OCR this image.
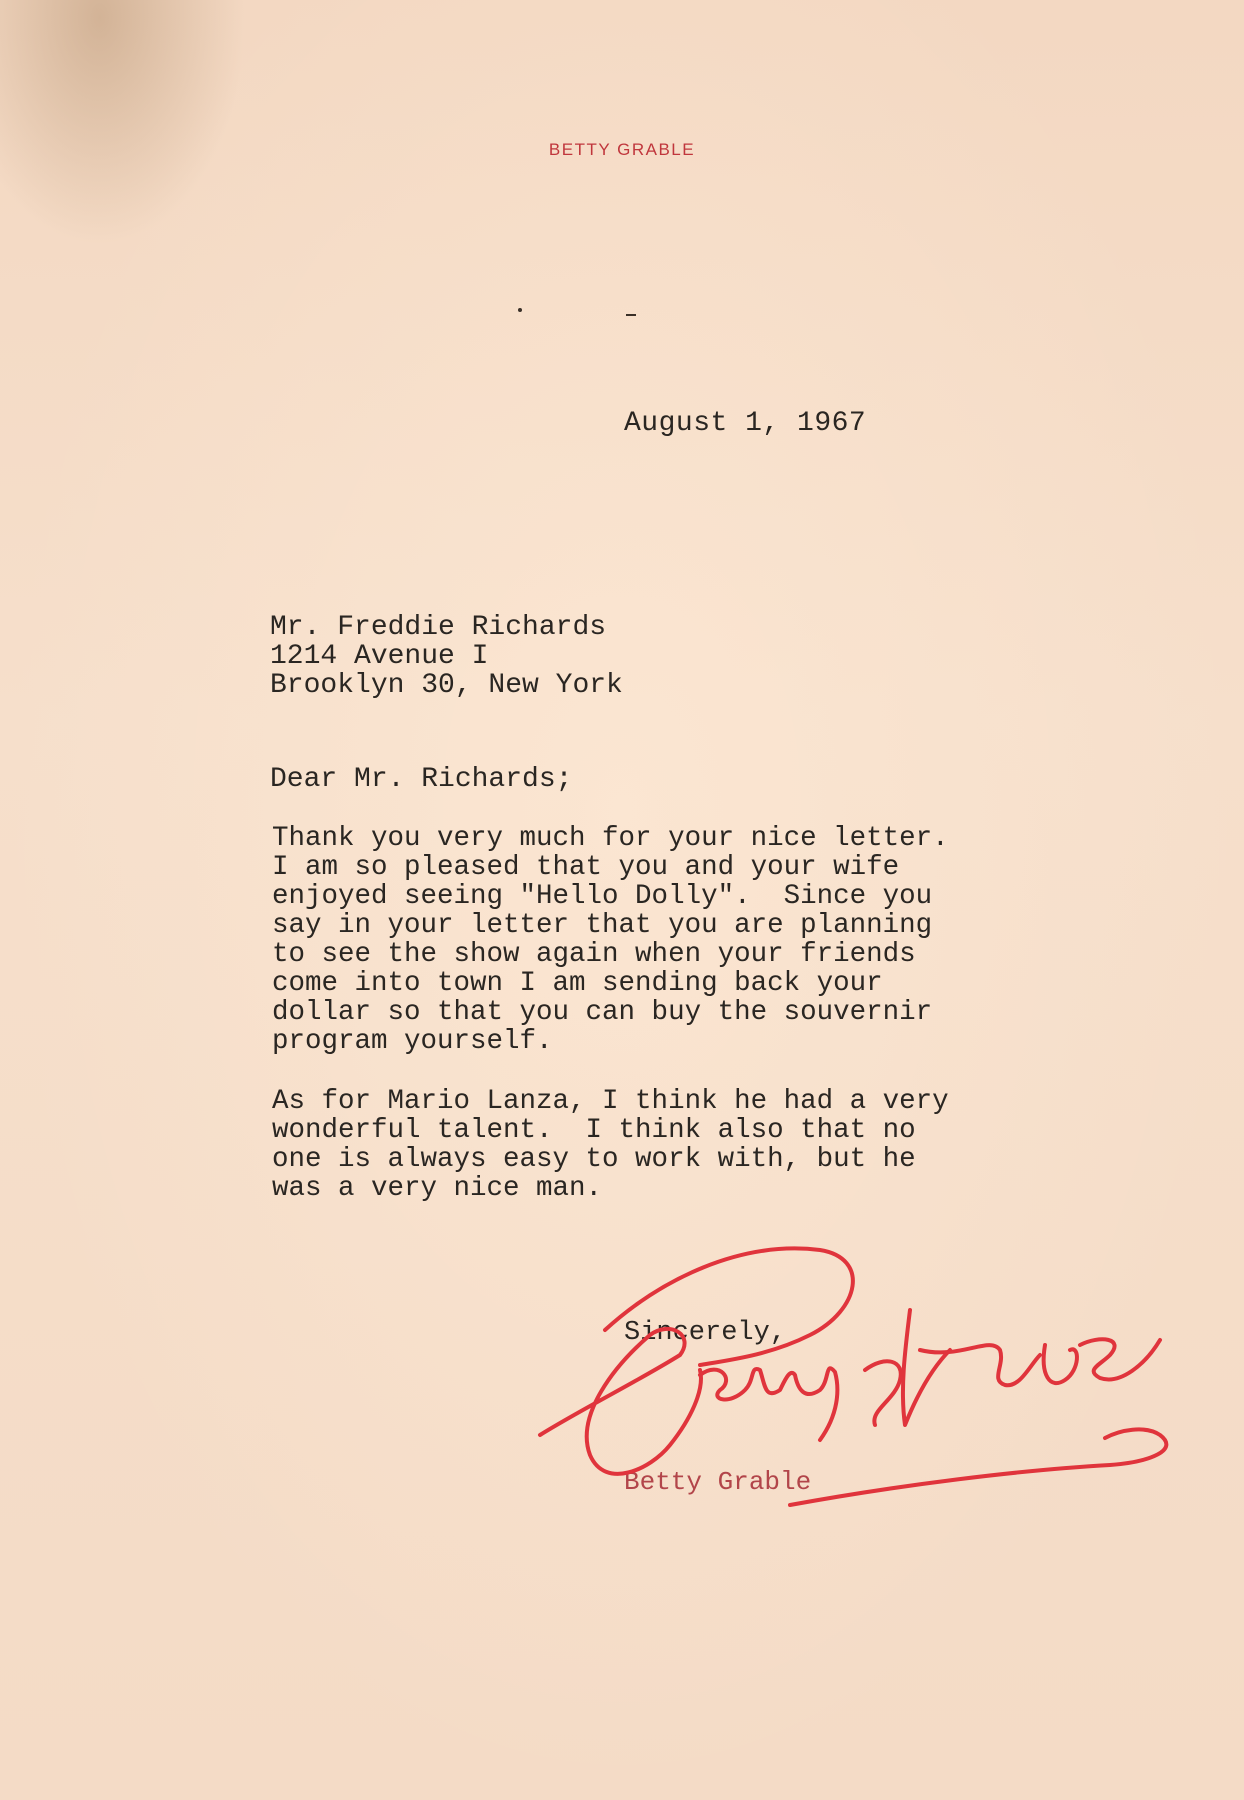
BETTY GRABLE
August 1, 1967
Mr. Freddie Richards
1214 Avenue I
Brooklyn 30, New York
Dear Mr. Richards;
Thank you very much for your nice letter.
I am so pleased that you and your wife
enjoyed seeing "Hello Dolly".  Since you
say in your letter that you are planning
to see the show again when your friends
come into town I am sending back your
dollar so that you can buy the souvernir
program yourself.
As for Mario Lanza, I think he had a very
wonderful talent.  I think also that no
one is always easy to work with, but he
was a very nice man.
Sincerely,
Betty Grable
